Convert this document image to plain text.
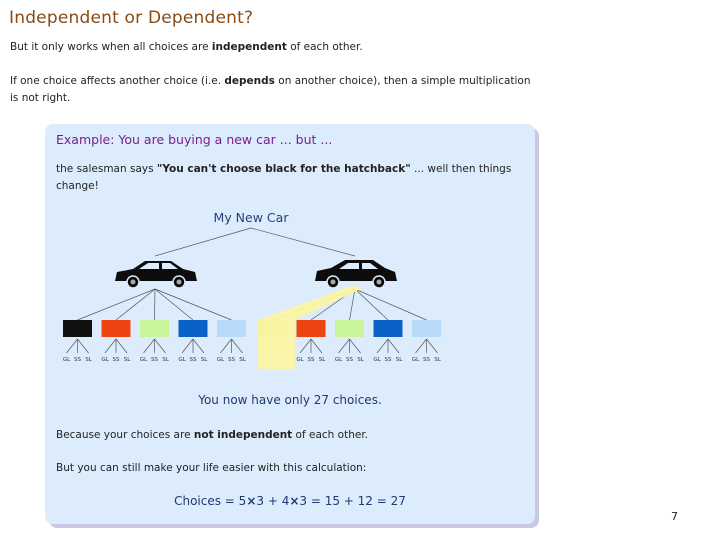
Independent or Dependent?
But it only works when all choices are independent of each other.
If one choice affects another choice (i.e. depends on another choice), then a simple multiplication is not right.
Example: You are buying a new car ... but ...
the salesman says "You can't choose black for the hatchback" ... well then things change!
My New Car
GL SS SL GL SS SL GL SS SL GL SS SL GL SS SL	GL SS SL GL SS SL GL SS SL GL SS SL
You now have only 27 choices.
Because your choices are not independent of each other.
But you can still make your life easier with this calculation:
Choices = 5×3 + 4×3 = 15 + 12 = 27
7
